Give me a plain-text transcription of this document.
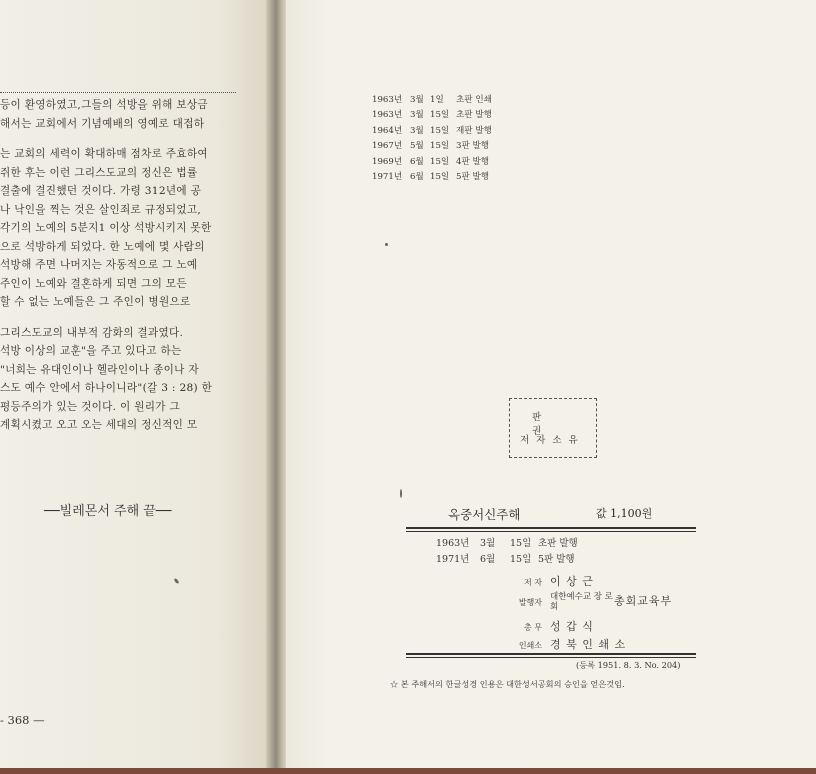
등이 환영하였고,그들의 석방을 위해 보상금
해서는 교회에서 기념예배의 영예로 대접하
는 교회의 세력이 확대하매 점차로 주효하여
쥐한 후는 이런 그리스도교의 정신은 법률
결출에 결진했던 것이다. 가령 312년에 공
나 낙인을 찍는 것은 살인죄로 규정되었고,
각기의 노예의 5분지1 이상 석방시키지 못한
으로 석방하게 되었다. 한 노예에 몇 사람의
석방해 주면 나머지는 자동적으로 그 노예
주인이 노예와 결혼하게 되면 그의 모든
할 수 없는 노예들은 그 주인이 병원으로
그리스도교의 내부적 감화의 결과였다.
석방 이상의 교훈"을 주고 있다고 하는
"너희는 유대인이나 헬라인이나 종이나 자
스도 예수 안에서 하나이니라"(갈 3 : 28) 한
평등주의가 있는 것이다. 이 원리가 그
계획시켰고 오고 오는 세대의 정신적인 모
──빌레몬서 주해 끝──
- 368 —
1963년 3월 1일 초판 인쇄
1963년 3월 15일 초판 발행
1964년 3월 15일 재판 발행
1967년 5월 15일 3판 발행
1969년 6월 15일 4판 발행
1971년 6월 15일 5판 발행
판 권
저자소유
옥중서신주해	값 1,100원
1963년 3월 15일 초판 발행
1971년 6월 15일 5판 발행
저 자 이 상 근
발행자 대한예수교 장 로 회	총회교육부
총 무 성 갑 식
인쇄소 경 북 인 쇄 소
(등록 1951. 8. 3. No. 204)
☆ 본 주해서의 한글성경 인용은 대한성서공회의 승인을 얻은것임.
